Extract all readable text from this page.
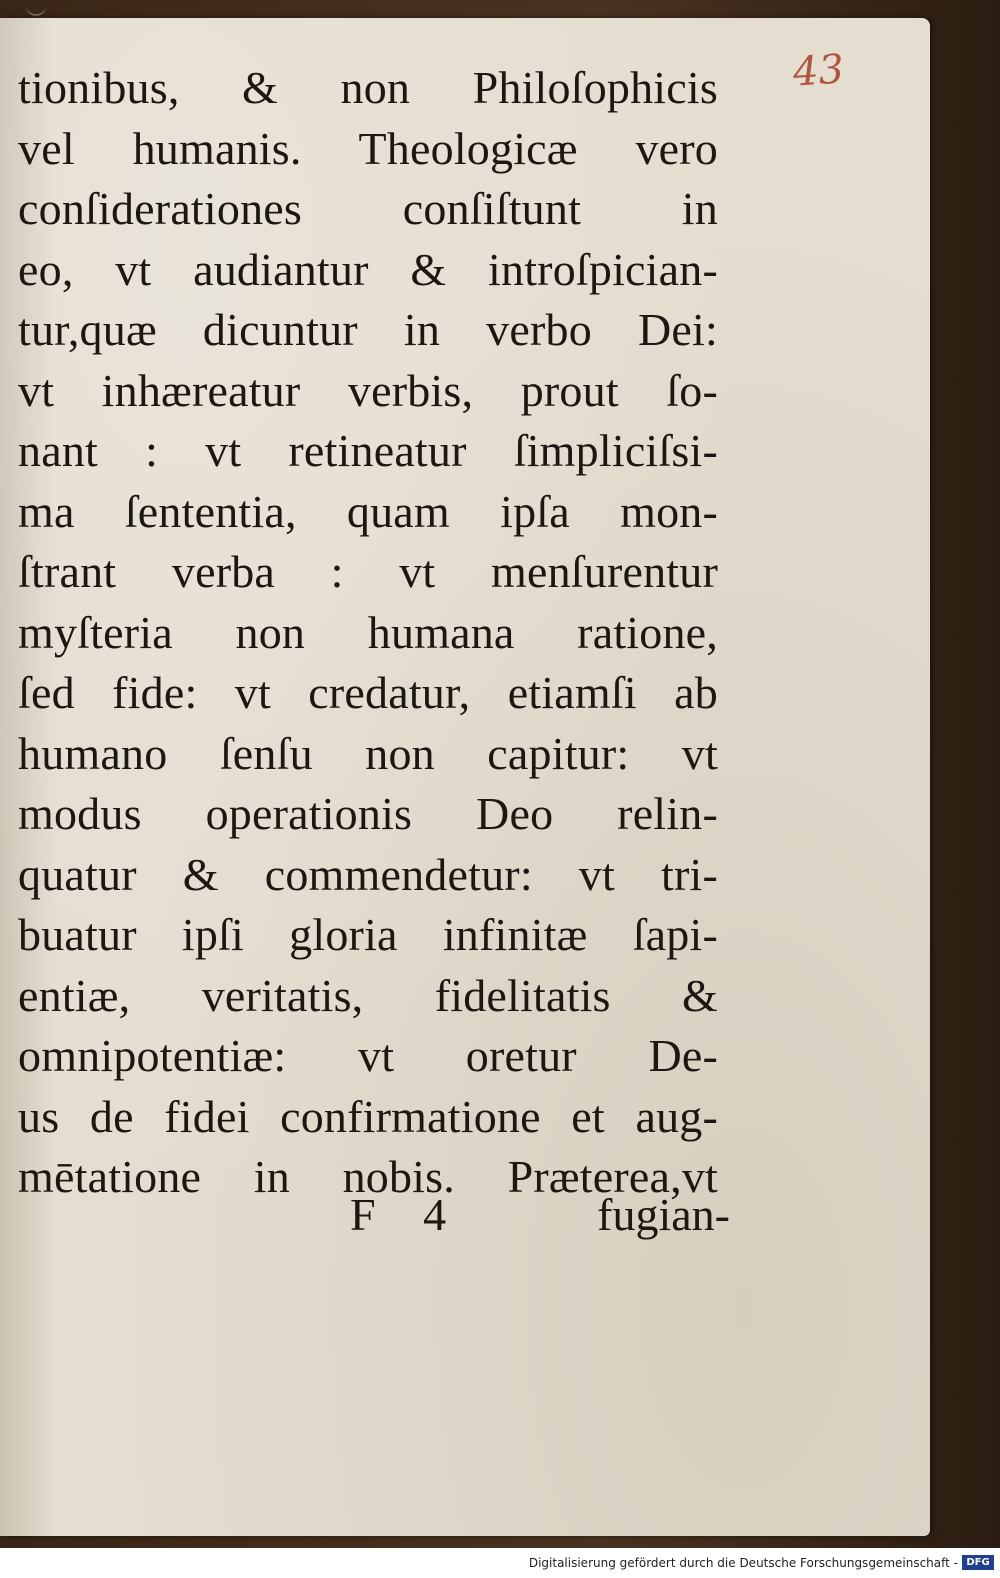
43
tionibus, & non Philoſophicis
vel humanis. Theologicæ vero
conſiderationes conſiſtunt in
eo, vt audiantur & introſpician-
tur,quæ dicuntur in verbo Dei:
vt inhæreatur verbis, prout ſo-
nant : vt retineatur ſimpliciſsi-
ma ſententia, quam ipſa mon-
ſtrant verba : vt menſurentur
myſteria non humana ratione,
ſed fide: vt credatur, etiamſi ab
humano ſenſu non capitur: vt
modus operationis Deo relin-
quatur & commendetur: vt tri-
buatur ipſi gloria infinitæ ſapi-
entiæ, veritatis, fidelitatis &
omnipotentiæ: vt oretur De-
us de fidei confirmatione et aug-
mētatione in nobis. Præterea,vt
F 4	fugian-
Digitalisierung gefördert durch die Deutsche Forschungsgemeinschaft - DFG
